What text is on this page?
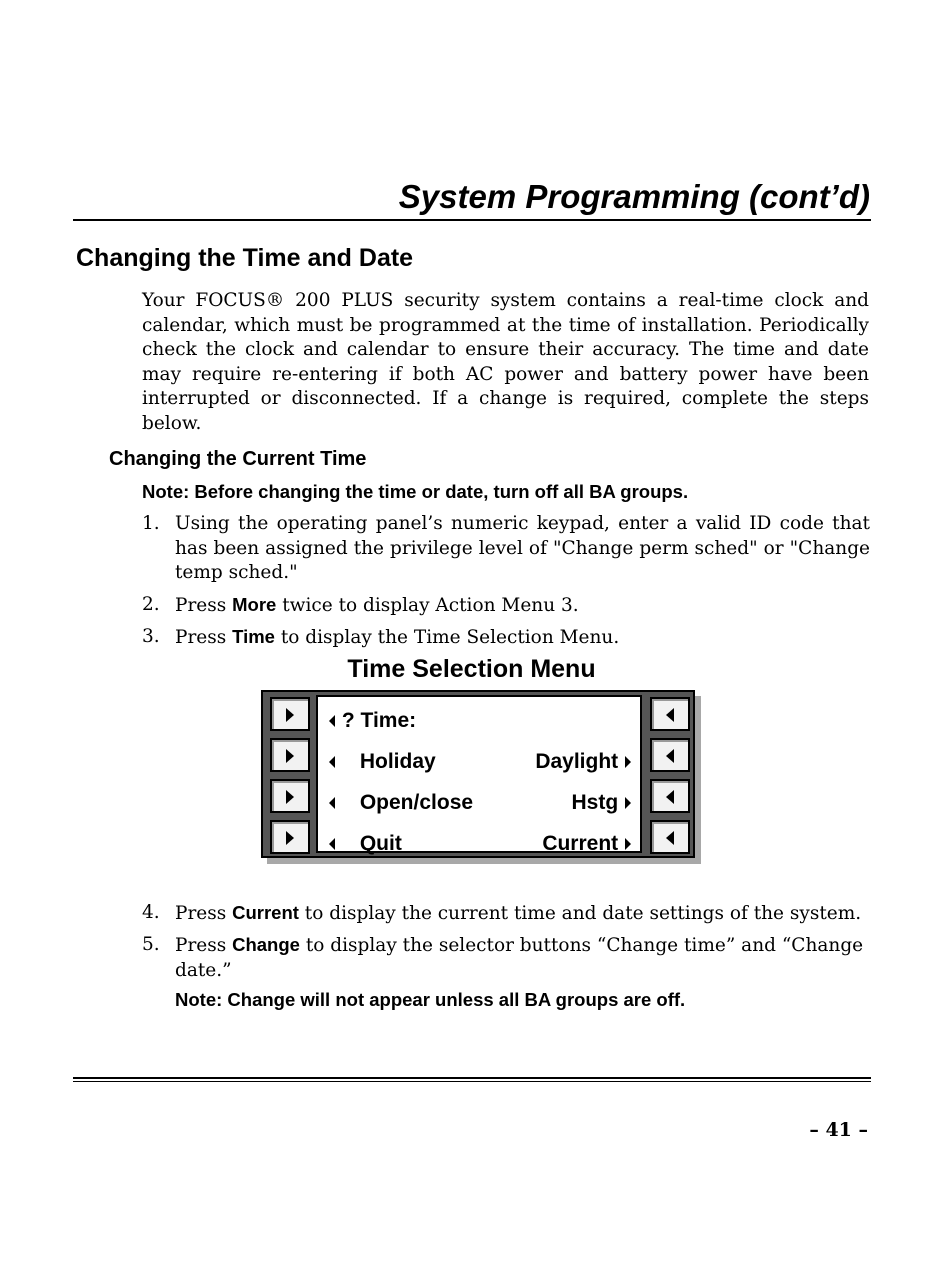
System Programming (cont’d)
Changing the Time and Date

Your FOCUS® 200 PLUS security system contains a real-time clock and calendar, which must be programmed at the time of installation. Periodically check the clock and calendar to ensure their accuracy. The time and date may require re-entering if both AC power and battery power have been interrupted or disconnected. If a change is required, complete the steps below.

Changing the Current Time
Note: Before changing the time or date, turn off all BA groups.
1. Using the operating panel’s numeric keypad, enter a valid ID code that has been assigned the privilege level of "Change perm sched" or "Change temp sched."
2. Press More twice to display Action Menu 3.
3. Press Time to display the Time Selection Menu.
Time Selection Menu
? Time:
Holiday	Daylight
Open/close	Hstg
Quit	Current
4. Press Current to display the current time and date settings of the system.
5. Press Change to display the selector buttons “Change time” and “Change date.”
Note: Change will not appear unless all BA groups are off.
– 41 –
